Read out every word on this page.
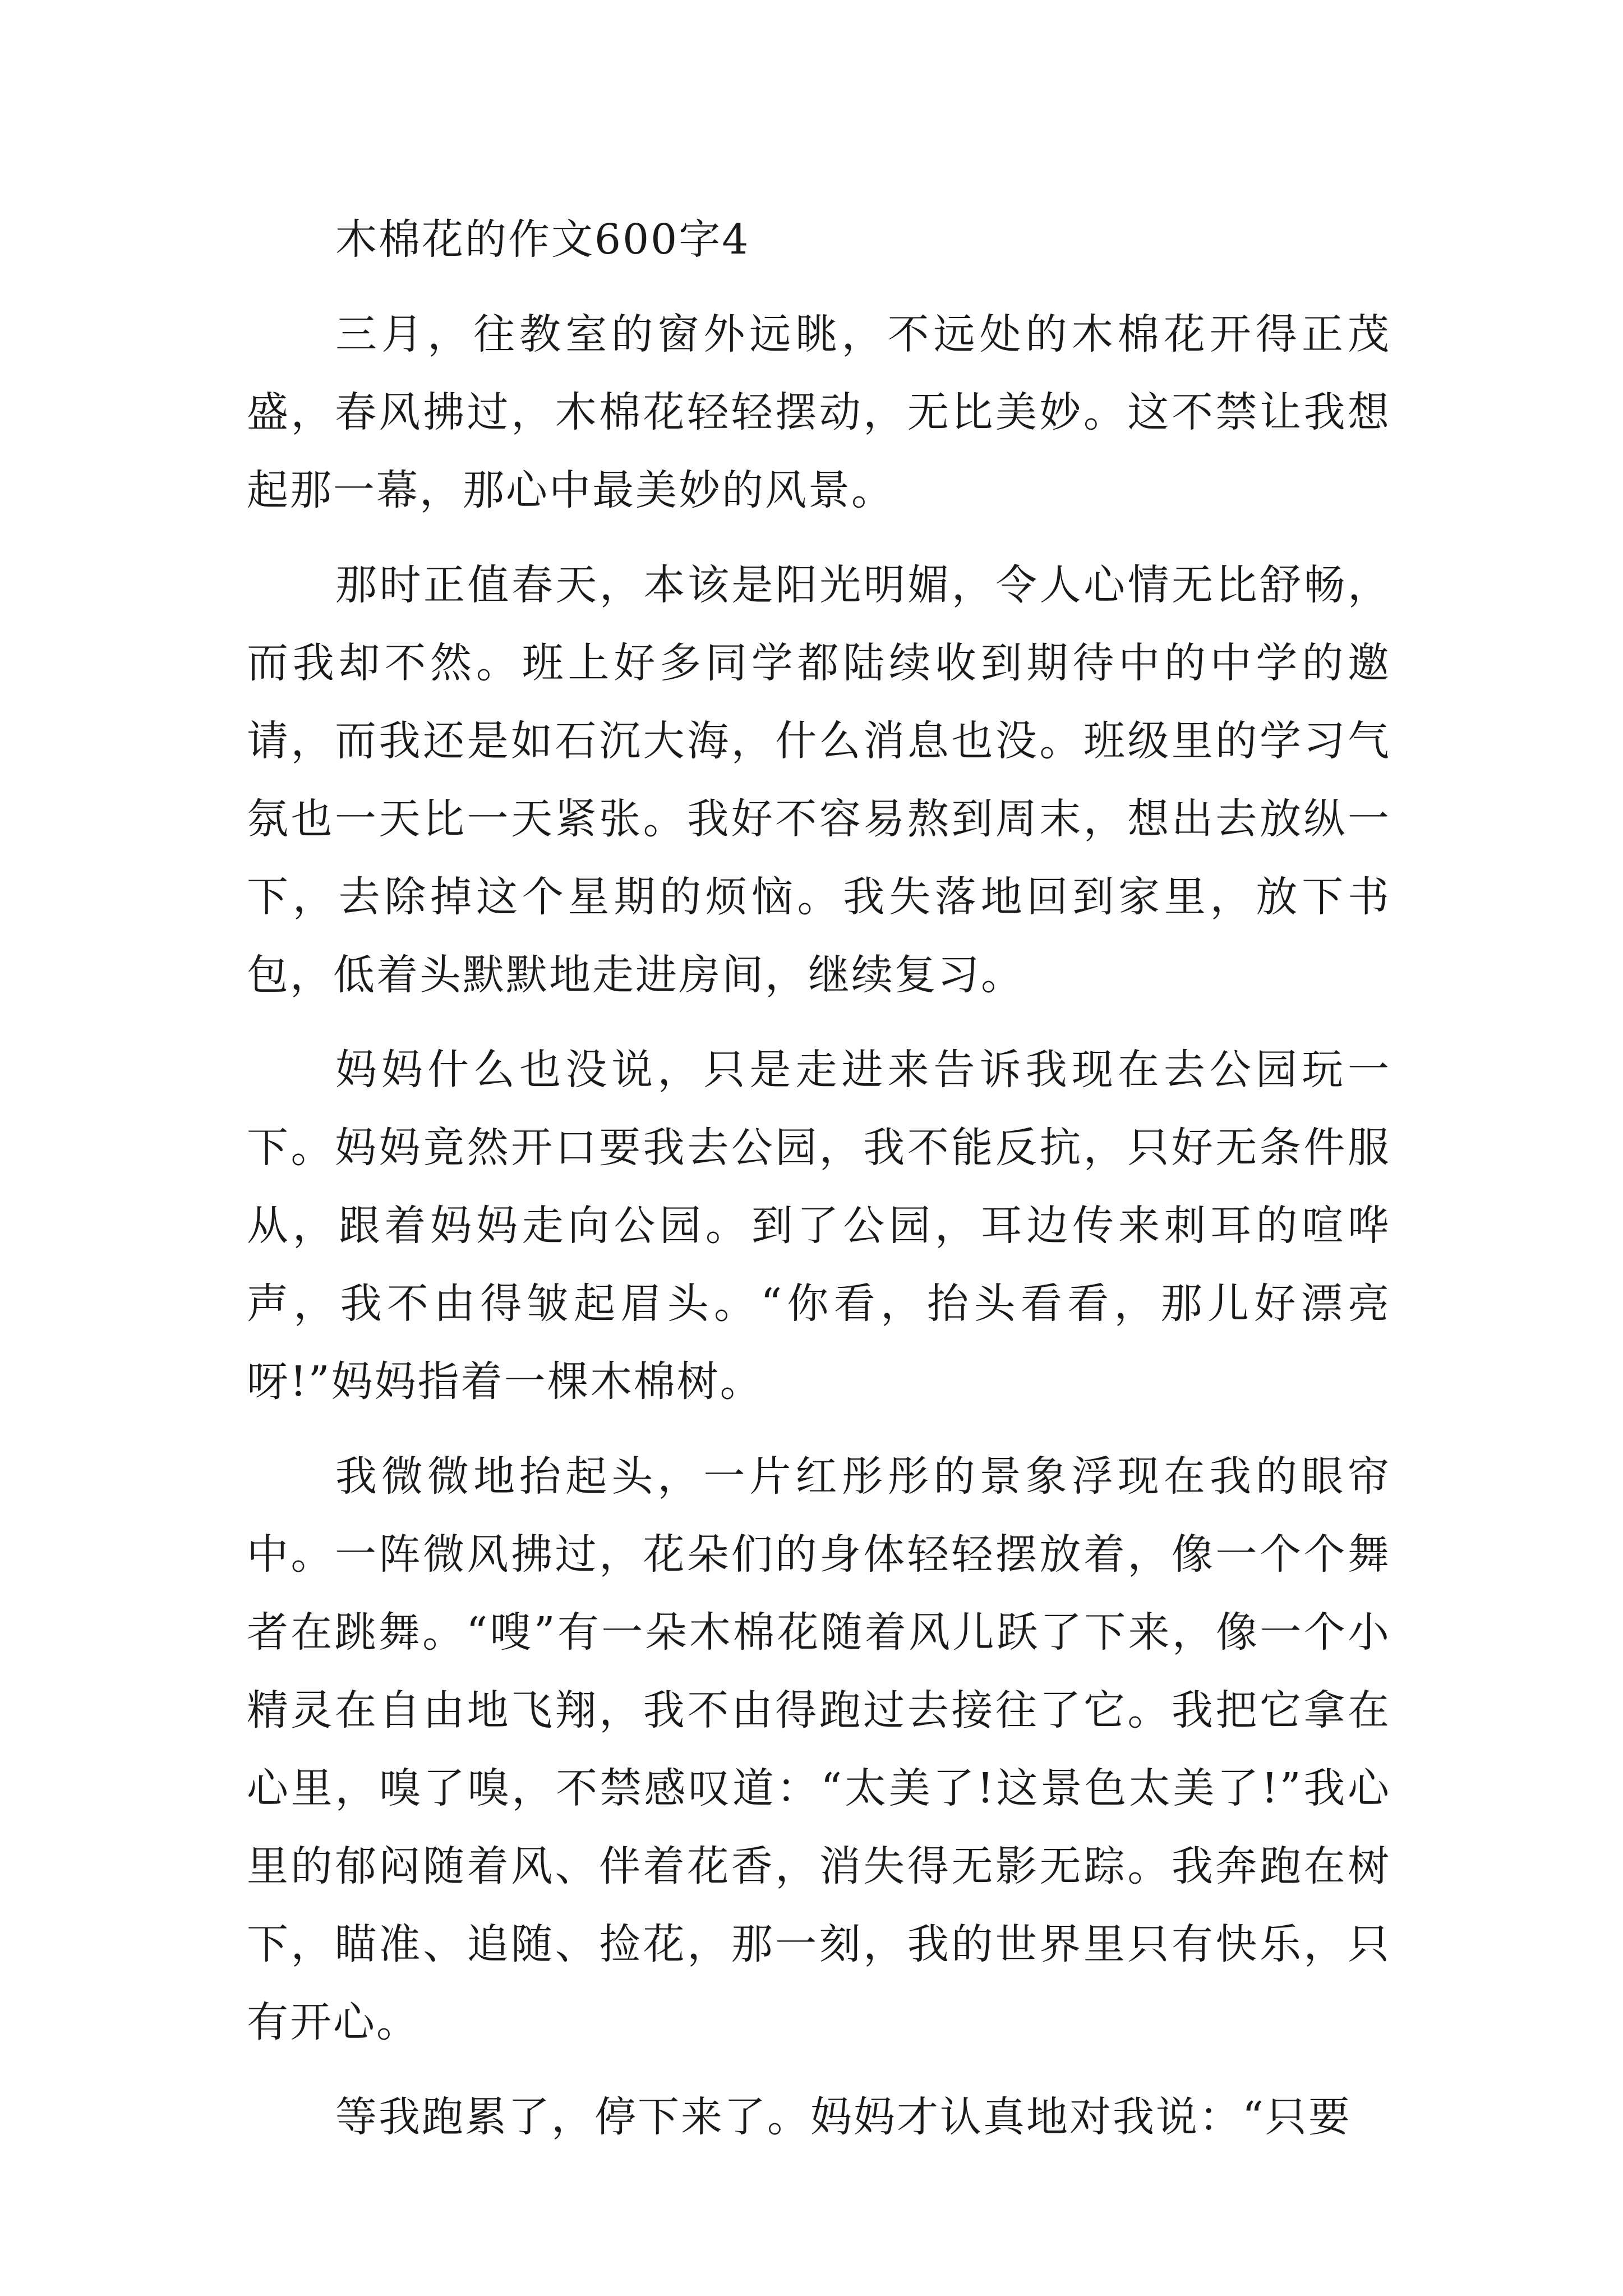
木棉花的作文600字4

三月，往教室的窗外远眺，不远处的木棉花开得正茂盛，春风拂过，木棉花轻轻摆动，无比美妙。这不禁让我想起那一幕，那心中最美妙的风景。

那时正值春天，本该是阳光明媚，令人心情无比舒畅，而我却不然。班上好多同学都陆续收到期待中的中学的邀请，而我还是如石沉大海，什么消息也没。班级里的学习气氛也一天比一天紧张。我好不容易熬到周末，想出去放纵一下，去除掉这个星期的烦恼。我失落地回到家里，放下书包，低着头默默地走进房间，继续复习。

妈妈什么也没说，只是走进来告诉我现在去公园玩一下。妈妈竟然开口要我去公园，我不能反抗，只好无条件服从，跟着妈妈走向公园。到了公园，耳边传来刺耳的喧哗声，我不由得皱起眉头。“你看，抬头看看，那儿好漂亮呀!”妈妈指着一棵木棉树。

我微微地抬起头，一片红彤彤的景象浮现在我的眼帘中。一阵微风拂过，花朵们的身体轻轻摆放着，像一个个舞者在跳舞。“嗖”有一朵木棉花随着风儿跃了下来，像一个小精灵在自由地飞翔，我不由得跑过去接往了它。我把它拿在心里，嗅了嗅，不禁感叹道：“太美了!这景色太美了!”我心里的郁闷随着风、伴着花香，消失得无影无踪。我奔跑在树下，瞄准、追随、捡花，那一刻，我的世界里只有快乐，只有开心。

等我跑累了，停下来了。妈妈才认真地对我说：“只要
